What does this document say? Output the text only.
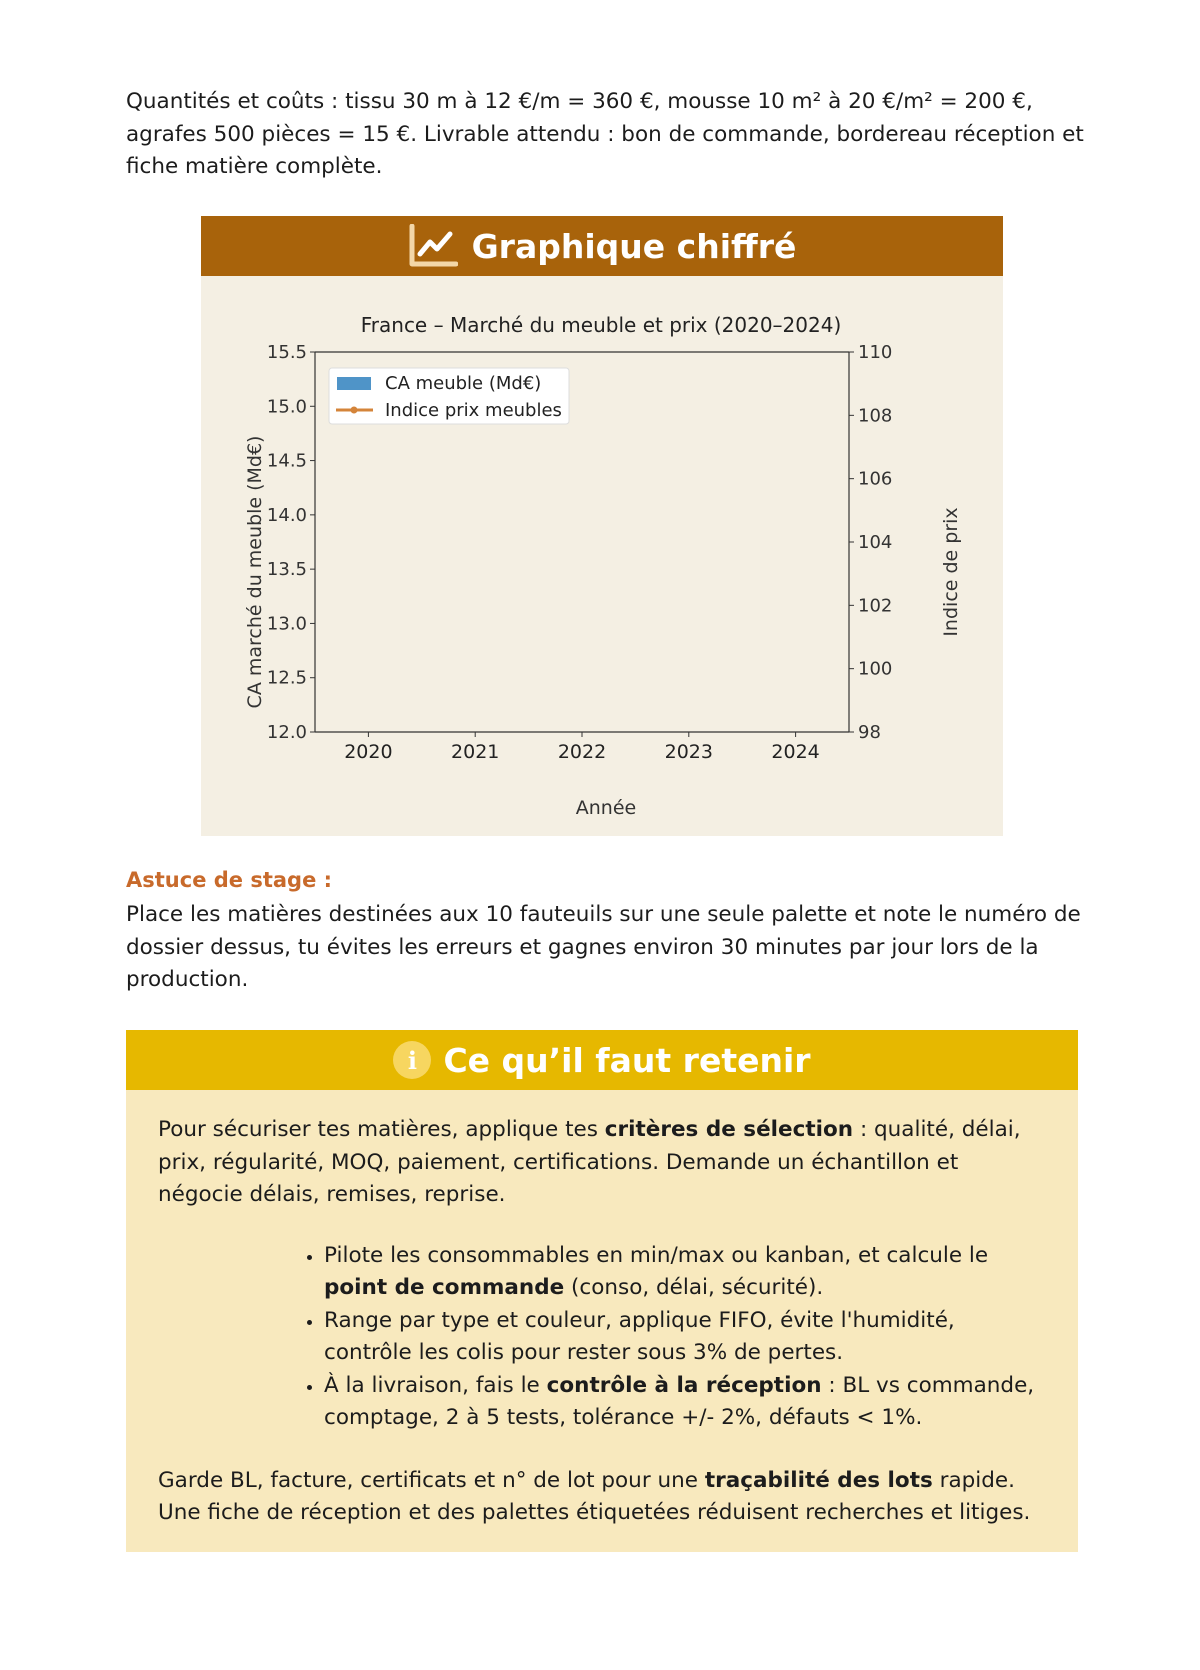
Quantités et coûts : tissu 30 m à 12 €/m = 360 €, mousse 10 m² à 20 €/m² = 200 €, agrafes 500 pièces = 15 €. Livrable attendu : bon de commande, bordereau réception et fiche matière complète.

Graphique chiffré
France – Marché du meuble et prix (2020–2024)
12.0
12.5
13.0
13.5
14.0
14.5
15.0
15.5
98
100
102
104
106
108
110
2020	2021	2022	2023	2024
CA marché du meuble (Md€)	Indice de prix
Année
CA meuble (Md€)
Indice prix meubles

Astuce de stage :

Place les matières destinées aux 10 fauteuils sur une seule palette et note le numéro de dossier dessus, tu évites les erreurs et gagnes environ 30 minutes par jour lors de la production.

i Ce qu’il faut retenir

Pour sécuriser tes matières, applique tes critères de sélection : qualité, délai, prix, régularité, MOQ, paiement, certifications. Demande un échantillon et négocie délais, remises, reprise.

• Pilote les consommables en min/max ou kanban, et calcule le point de commande (conso, délai, sécurité).
• Range par type et couleur, applique FIFO, évite l'humidité, contrôle les colis pour rester sous 3% de pertes.
• À la livraison, fais le contrôle à la réception : BL vs commande, comptage, 2 à 5 tests, tolérance +/- 2%, défauts < 1%.

Garde BL, facture, certificats et n° de lot pour une traçabilité des lots rapide. Une fiche de réception et des palettes étiquetées réduisent recherches et litiges.
